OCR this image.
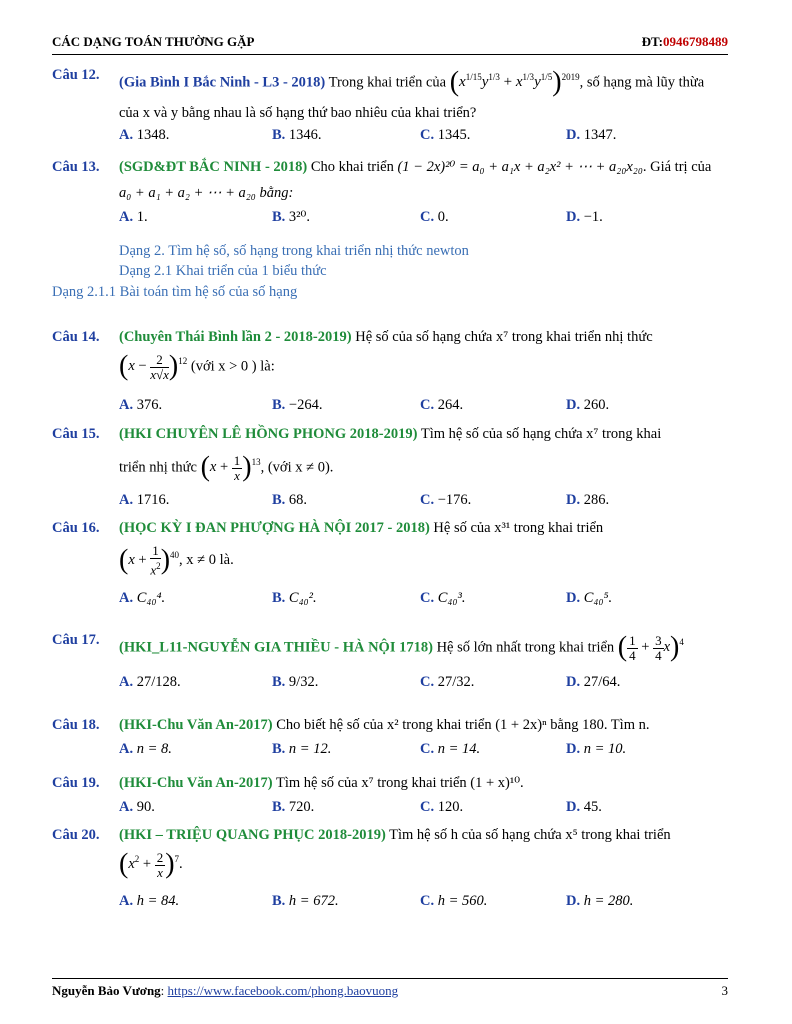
CÁC DẠNG TOÁN THƯỜNG GẶP	ĐT:0946798489
Câu 12. (Gia Bình I Bắc Ninh - L3 - 2018) Trong khai triển của $(x^{1/15}y^{1/3} + x^{1/3}y^{1/5})^{2019}$, số hạng mà lũy thừa
của x và y bằng nhau là số hạng thứ bao nhiêu của khai triển?
A. 1348.	B. 1346.	C. 1345.	D. 1347.
Câu 13. (SGD&ĐT BẮC NINH - 2018) Cho khai triển (1 − 2x)²⁰ = a₀ + a₁x + a₂x² + ⋯ + a₂₀x₂₀. Giá trị của
a₀ + a₁ + a₂ + ⋯ + a₂₀ bằng:
A. 1.	B. 3²⁰.	C. 0.	D. −1.
Dạng 2. Tìm hệ số, số hạng trong khai triển nhị thức newton
Dạng 2.1 Khai triển của 1 biểu thức
Dạng 2.1.1 Bài toán tìm hệ số của số hạng
Câu 14. (Chuyên Thái Bình lần 2 - 2018-2019) Hệ số của số hạng chứa x⁷ trong khai triển nhị thức
$(x - \frac{2}{x√x} )^{12}$ (với x > 0 ) là:
A. 376.	B. −264.	C. 264.	D. 260.
Câu 15. (HKI CHUYÊN LÊ HỒNG PHONG 2018-2019) Tìm hệ số của số hạng chứa x⁷ trong khai
triển nhị thức $(x + \frac{1}{x} )^{13}$, (với x ≠ 0).
A. 1716.	B. 68.	C. −176.	D. 286.
Câu 16. (HỌC KỲ I ĐAN PHƯỢNG HÀ NỘI 2017 - 2018) Hệ số của x³¹ trong khai triển
$(x + \frac{1}{x^2} )^{40}$, x ≠ 0 là.
A. C₄₀⁴.	B. C₄₀².	C. C₄₀³.	D. C₄₀⁵.
Câu 17. (HKI_L11-NGUYỄN GIA THIỀU - HÀ NỘI 1718) Hệ số lớn nhất trong khai triển ( $\frac{1}{4} + \frac{3}{4} x)^4$
A. 27/128.	B. 9/32.	C. 27/32.	D. 27/64.
Câu 18. (HKI-Chu Văn An-2017) Cho biết hệ số của x² trong khai triển (1 + 2x)ⁿ bằng 180. Tìm n.
A. n = 8.	B. n = 12.	C. n = 14.	D. n = 10.
Câu 19. (HKI-Chu Văn An-2017) Tìm hệ số của x⁷ trong khai triển (1 + x)¹⁰.
A. 90.	B. 720.	C. 120.	D. 45.
Câu 20. (HKI – TRIỆU QUANG PHỤC 2018-2019) Tìm hệ số h của số hạng chứa x⁵ trong khai triển
$(x^2 + \frac{2}{x} )^7$.
A. h = 84.	B. h = 672.	C. h = 560.	D. h = 280.
Nguyễn Bảo Vương: https://www.facebook.com/phong.baovuong	3
